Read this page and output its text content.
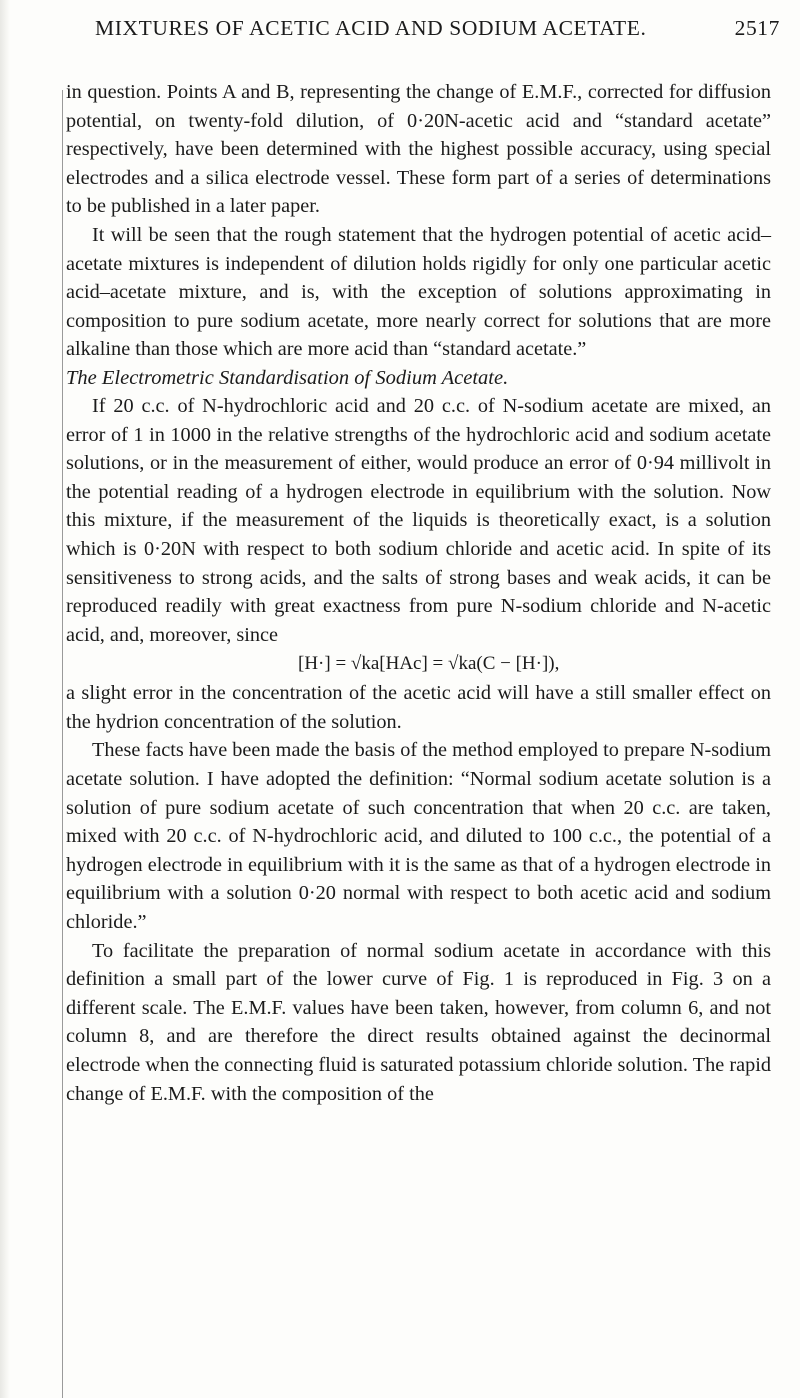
MIXTURES OF ACETIC ACID AND SODIUM ACETATE.	2517

in question. Points A and B, representing the change of E.M.F., corrected for diffusion potential, on twenty-fold dilution, of 0·20N-acetic acid and “standard acetate” respectively, have been determined with the highest possible accuracy, using special electrodes and a silica electrode vessel. These form part of a series of determinations to be published in a later paper.

It will be seen that the rough statement that the hydrogen potential of acetic acid–acetate mixtures is independent of dilution holds rigidly for only one particular acetic acid–acetate mixture, and is, with the exception of solutions approximating in composition to pure sodium acetate, more nearly correct for solutions that are more alkaline than those which are more acid than “standard acetate.”

The Electrometric Standardisation of Sodium Acetate.

If 20 c.c. of N-hydrochloric acid and 20 c.c. of N-sodium acetate are mixed, an error of 1 in 1000 in the relative strengths of the hydrochloric acid and sodium acetate solutions, or in the measurement of either, would produce an error of 0·94 millivolt in the potential reading of a hydrogen electrode in equilibrium with the solution. Now this mixture, if the measurement of the liquids is theoretically exact, is a solution which is 0·20N with respect to both sodium chloride and acetic acid. In spite of its sensitiveness to strong acids, and the salts of strong bases and weak acids, it can be reproduced readily with great exactness from pure N-sodium chloride and N-acetic acid, and, moreover, since

[H·] = √ka[HAc] = √ka(C − [H·]),

a slight error in the concentration of the acetic acid will have a still smaller effect on the hydrion concentration of the solution.

These facts have been made the basis of the method employed to prepare N-sodium acetate solution. I have adopted the definition: “Normal sodium acetate solution is a solution of pure sodium acetate of such concentration that when 20 c.c. are taken, mixed with 20 c.c. of N-hydrochloric acid, and diluted to 100 c.c., the potential of a hydrogen electrode in equilibrium with it is the same as that of a hydrogen electrode in equilibrium with a solution 0·20 normal with respect to both acetic acid and sodium chloride.”

To facilitate the preparation of normal sodium acetate in accordance with this definition a small part of the lower curve of Fig. 1 is reproduced in Fig. 3 on a different scale. The E.M.F. values have been taken, however, from column 6, and not column 8, and are therefore the direct results obtained against the decinormal electrode when the connecting fluid is saturated potassium chloride solution. The rapid change of E.M.F. with the composition of the
